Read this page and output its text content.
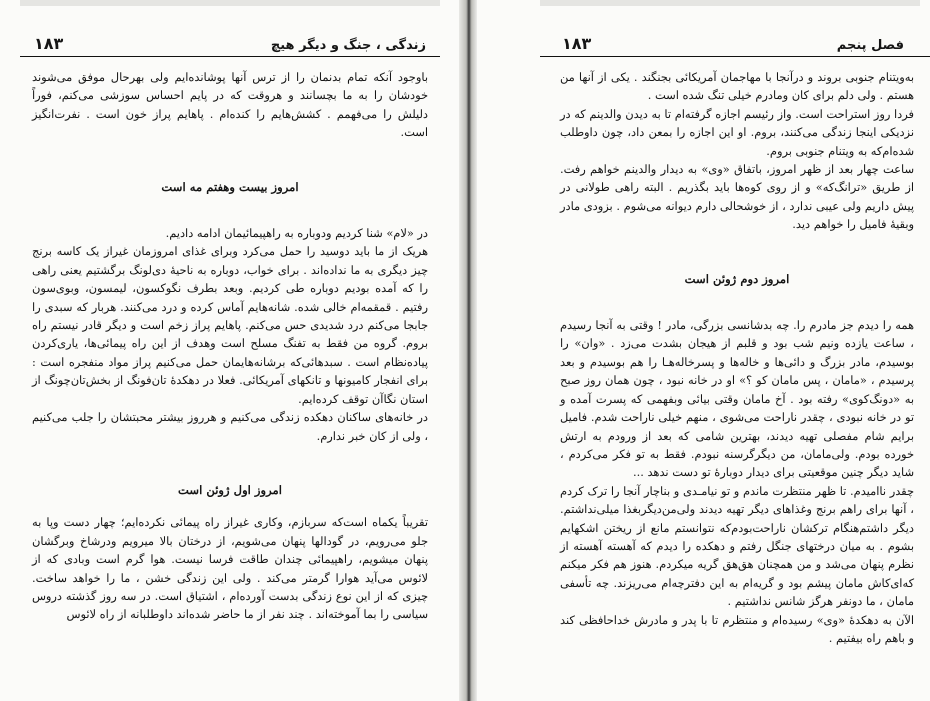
۱۸۳	زندگی ، جنگ و دیگر هیچ

باوجود آنکه تمام بدنمان را از ترس آنها پوشانده‌ایم ولی بهرحال موفق می‌شوند خودشان را به ما بچسانند و هروقت که در پایم احساس سوزشی می‌کنم، فوراً دلیلش را می‌فهمم . کشش‌هایم را کنده‌ام . پاهایم پراز خون است . نفرت‌انگیز است.

امروز بیست وهفتم مه است

در «لام» شنا کردیم ودوباره به راهپیمائیمان ادامه دادیم.

هریک از ما باید دوسید را حمل می‌کرد وبرای غذای امروزمان غیراز یک کاسه برنج چیز دیگری به ما نداده‌اند . برای خواب، دوباره به ناحیهٔ دی‌لونگ برگشتیم یعنی راهی را که آمده بودیم دوباره طی کردیم. وبعد بطرف نگوکسون، لیمسون، وبوی‌سون رفتیم . قمقمه‌ام خالی شده. شانه‌هایم آماس کرده و درد می‌کنند. هربار که سبدی را جابجا می‌کنم درد شدیدی حس می‌کنم. پاهایم پراز زخم است و دیگر قادر نیستم راه بروم. گروه من فقط به تفنگ مسلح است وهدف از این راه پیمائی‌ها، یاری‌کردن پیاده‌نظام است . سبدهائی‌که برشانه‌هایمان حمل می‌کنیم پراز مواد منفجره است : برای انفجار کامیونها و تانکهای آمریکائی. فعلا در دهکدهٔ تان‌فونگ از بخش‌تان‌چونگ از استان نگاآن توقف کرده‌ایم.

در خانه‌های ساکنان دهکده زندگی می‌کنیم و هرروز بیشتر محبتشان را جلب می‌کنیم ، ولی از کان خبر ندارم.

امروز اول ژوئن است

تقریباً یکماه است‌که سربازم، وکاری غیراز راه پیمائی نکرده‌ایم؛ چهار دست وپا به جلو می‌رویم، در گودالها پنهان می‌شویم، از درختان بالا میرویم ودرشاخ وبرگشان پنهان میشویم، راهپیمائی چندان طاقت فرسا نیست. هوا گرم است وبادی که از لائوس می‌آید هوارا گرمتر می‌کند . ولی این زندگی خشن ، ما را خواهد ساخت. چیزی که از این نوع زندگی بدست آورده‌ام ، اشتیاق است. در سه روز گذشته دروس سیاسی را بما آموخته‌اند . چند نفر از ما حاضر شده‌اند داوطلبانه از راه لائوس

۱۸۳	فصل پنجم

به‌ویتنام جنوبی بروند و درآنجا با مهاجمان آمریکائی بجنگند . یکی از آنها من هستم . ولی دلم برای کان ومادرم خیلی تنگ شده است .

فردا روز استراحت است. واز رئیسم اجازه گرفته‌ام تا به دیدن والدینم که در نزدیکی اینجا زندگی می‌کنند، بروم. او این اجازه را بمعن داد، چون داوطلب شده‌ام‌که به ویتنام جنوبی بروم.

ساعت چهار بعد از ظهر امروز، باتفاق «وی» به دیدار والدینم خواهم رفت. از طریق «ترانگ‌که» و از روی کوه‌ها باید بگذریم . البته راهی طولانی در پیش داریم ولی عیبی ندارد ، از خوشحالی دارم دیوانه می‌شوم . بزودی مادر وبقیهٔ فامیل را خواهم دید.

امروز دوم ژوئن است

همه را دیدم جز مادرم را. چه بدشانسی بزرگی، مادر ! وقتی به آنجا رسیدم ، ساعت یازده ونیم شب بود و قلبم از هیجان بشدت می‌زد . «وان» را بوسیدم، مادر بزرگ و دائی‌ها و خاله‌ها و پسرخاله‌هـا را هم بوسیدم و بعد پرسیدم ، «مامان ، پس مامان کو ؟» او در خانه نبود ، چون همان روز صبح به «دونگ‌کوی» رفته بود . آخ مامان وقتی بیائی وبفهمی که پسرت آمده و تو در خانه نبودی ، چقدر ناراحت می‌شوی ، منهم خیلی ناراحت شدم. فامیل برایم شام مفصلی تهیه دیدند، بهترین شامی که بعد از ورودم به ارتش خورده بودم. ولی‌مامان، من دیگرگرسنه نبودم. فقط به تو فکر می‌کردم ، شاید دیگر چنین موقعیتی برای دیدار دوبارهٔ تو دست ندهد ...

چقدر ناامیدم. تا ظهر منتظرت ماندم و تو نیامـدی و بناچار آنجا را ترک کردم ، آنها برای راهم برنج وغذاهای دیگر تهیه دیدند ولی‌من‌دیگر‌بغذا میلی‌نداشتم. دیگر داشتم‌هنگام ترکشان ناراحت‌بودم‌که نتوانستم مانع از ریختن اشکهایم بشوم . به میان درختهای جنگل رفتم و دهکده را دیدم که آهسته آهسته از نظرم پنهان می‌شد و من همچنان هق‌هق گریه میکردم. هنوز هم فکر میکنم که‌ای‌کاش مامان پیشم بود و گریه‌ام به این دفترچه‌ام می‌ریزند. چه تأسفی مامان ، ما دونفر هرگز شانس نداشتیم .

الآن به دهکدهٔ «وی» رسیده‌ام و منتظرم تا با پدر و مادرش خداحافظی کند و باهم راه بیفتیم .
